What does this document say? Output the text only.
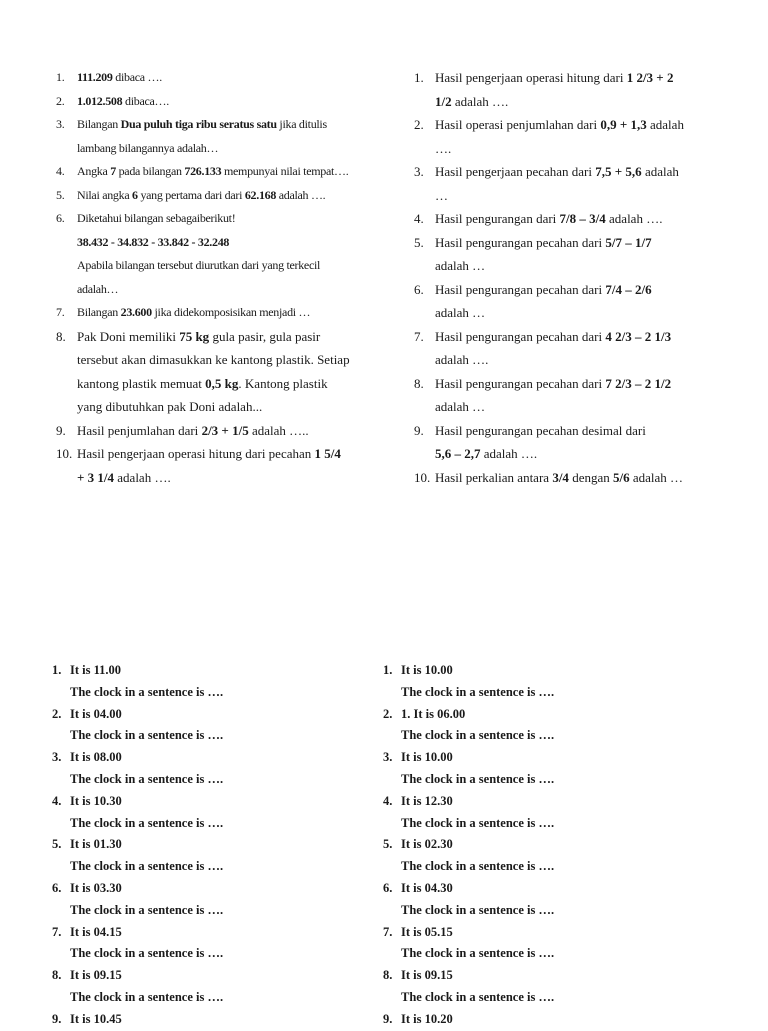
1. 111.209 dibaca ….
2. 1.012.508 dibaca….
3. Bilangan Dua puluh tiga ribu seratus satu jika ditulis
lambang bilangannya adalah…
4. Angka 7 pada bilangan 726.133 mempunyai nilai tempat….
5. Nilai angka 6 yang pertama dari dari 62.168 adalah ….
6. Diketahui bilangan sebagaiberikut!
38.432 - 34.832 - 33.842 - 32.248
Apabila bilangan tersebut diurutkan dari yang terkecil
adalah…
7. Bilangan 23.600 jika didekomposisikan menjadi …
8. Pak Doni memiliki 75 kg gula pasir, gula pasir
tersebut akan dimasukkan ke kantong plastik. Setiap
kantong plastik memuat 0,5 kg. Kantong plastik
yang dibutuhkan pak Doni adalah...
9. Hasil penjumlahan dari 2/3 + 1/5 adalah …..
10. Hasil pengerjaan operasi hitung dari pecahan 1 5/4
+ 3 1/4 adalah ….
1. Hasil pengerjaan operasi hitung dari 1 2/3 + 2
1/2 adalah ….
2. Hasil operasi penjumlahan dari 0,9 + 1,3 adalah
….
3. Hasil pengerjaan pecahan dari 7,5 + 5,6 adalah
…
4. Hasil pengurangan dari 7/8 – 3/4 adalah ….
5. Hasil pengurangan pecahan dari 5/7 – 1/7
adalah …
6. Hasil pengurangan pecahan dari 7/4 – 2/6
adalah …
7. Hasil pengurangan pecahan dari 4 2/3 – 2 1/3
adalah ….
8. Hasil pengurangan pecahan dari 7 2/3 – 2 1/2
adalah …
9. Hasil pengurangan pecahan desimal dari
5,6 – 2,7 adalah ….
10. Hasil perkalian antara 3/4 dengan 5/6 adalah …
1. It is 11.00
The clock in a sentence is ….
2. It is 04.00
The clock in a sentence is ….
3. It is 08.00
The clock in a sentence is ….
4. It is 10.30
The clock in a sentence is ….
5. It is 01.30
The clock in a sentence is ….
6. It is 03.30
The clock in a sentence is ….
7. It is 04.15
The clock in a sentence is ….
8. It is 09.15
The clock in a sentence is ….
9. It is 10.45
1. It is 10.00
The clock in a sentence is ….
2. 1. It is 06.00
The clock in a sentence is ….
3. It is 10.00
The clock in a sentence is ….
4. It is 12.30
The clock in a sentence is ….
5. It is 02.30
The clock in a sentence is ….
6. It is 04.30
The clock in a sentence is ….
7. It is 05.15
The clock in a sentence is ….
8. It is 09.15
The clock in a sentence is ….
9. It is 10.20
